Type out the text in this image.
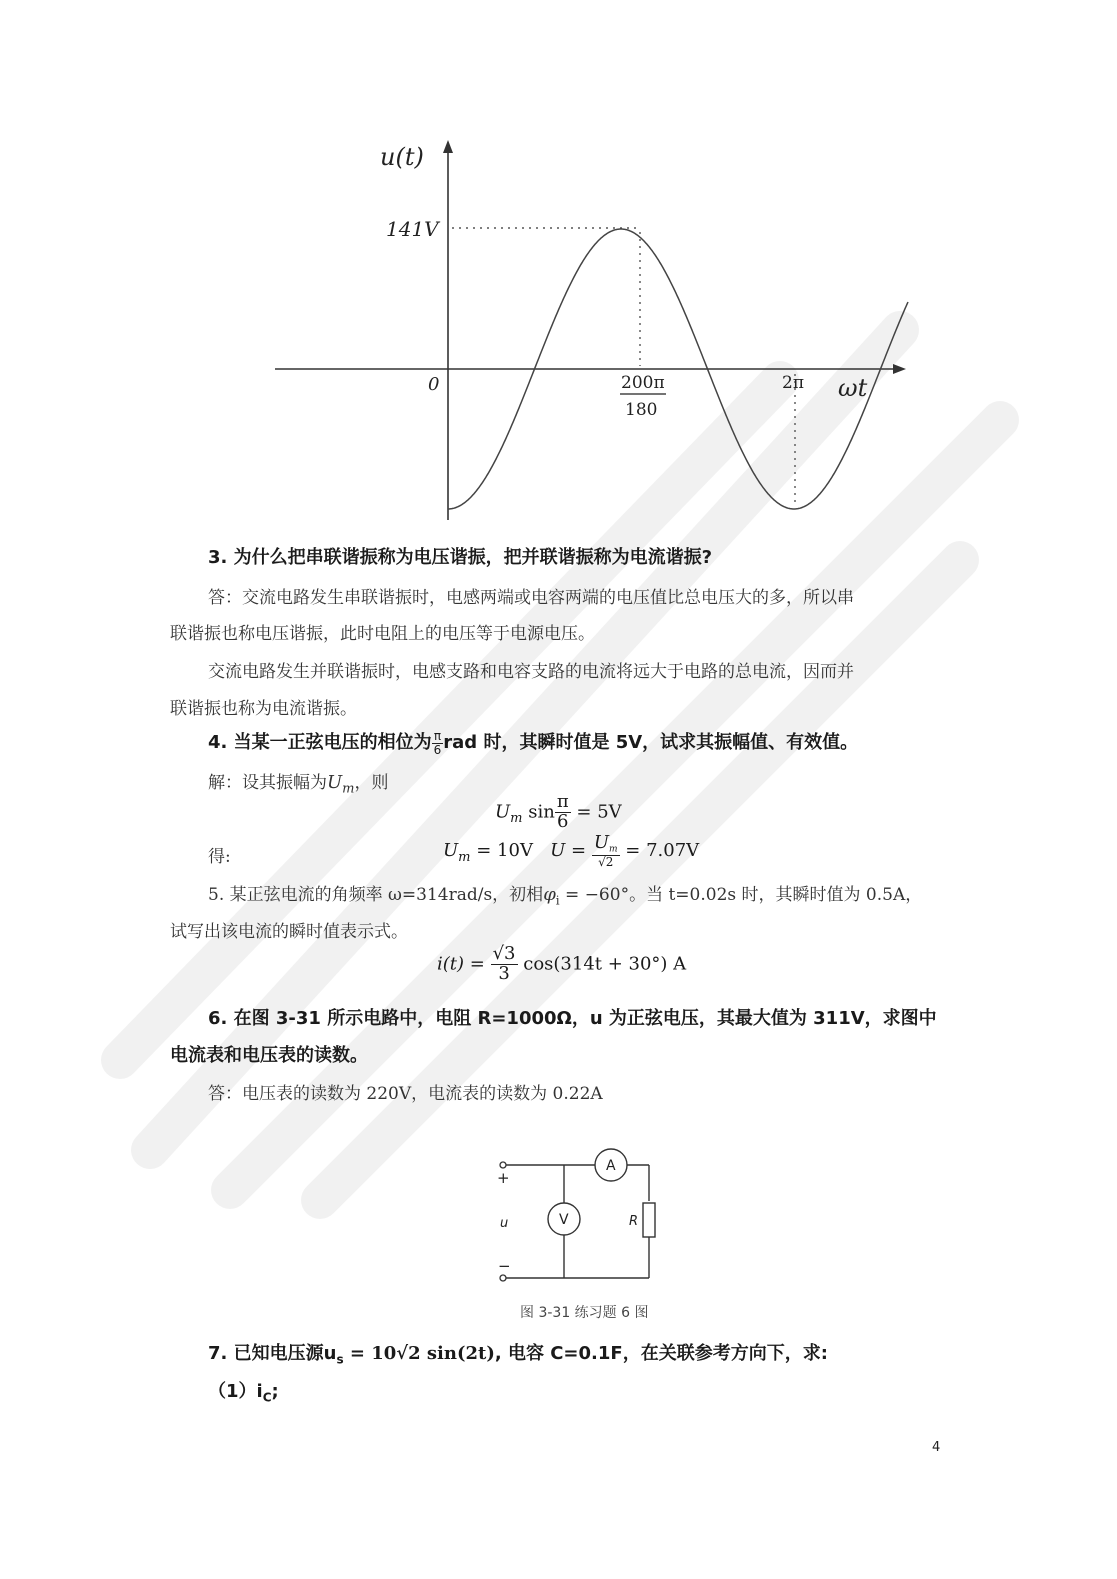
u(t)
ωt
0
141V
200π
180
2π
3. 为什么把串联谐振称为电压谐振，把并联谐振称为电流谐振?
答：交流电路发生串联谐振时，电感两端或电容两端的电压值比总电压大的多，所以串
联谐振也称电压谐振，此时电阻上的电压等于电源电压。
交流电路发生并联谐振时，电感支路和电容支路的电流将远大于电路的总电流，因而并
联谐振也称为电流谐振。
4. 当某一正弦电压的相位为 $\frac{\pi}{6}$ rad 时，其瞬时值是 5V，试求其振幅值、有效值。
解：设其振幅为$U_m$，则
$U_m$ $\sin \frac{\pi}{6} = 5V$
得:	$U_m = 10V$ $U = \frac{U_m}{√2} = 7.07V$
5. 某正弦电流的角频率 ω=314rad/s，初相$\varphi_i = -60^\circ$。当 t=0.02s 时，其瞬时值为 0.5A，
试写出该电流的瞬时值表示式。
$i(t) = \frac{√3}{3} \cos(314t + 30^\circ)$ A
6. 在图 3-31 所示电路中，电阻 R=1000Ω，u 为正弦电压，其最大值为 311V，求图中
电流表和电压表的读数。
答：电压表的读数为 220V，电流表的读数为 0.22A
A
V	R
+
−
u
图 3-31 练习题 6 图
7. 已知电压源$u_s = 10√2$ sin(2t), 电容 C=0.1F，在关联参考方向下，求:
$(1)i_C$;
4
